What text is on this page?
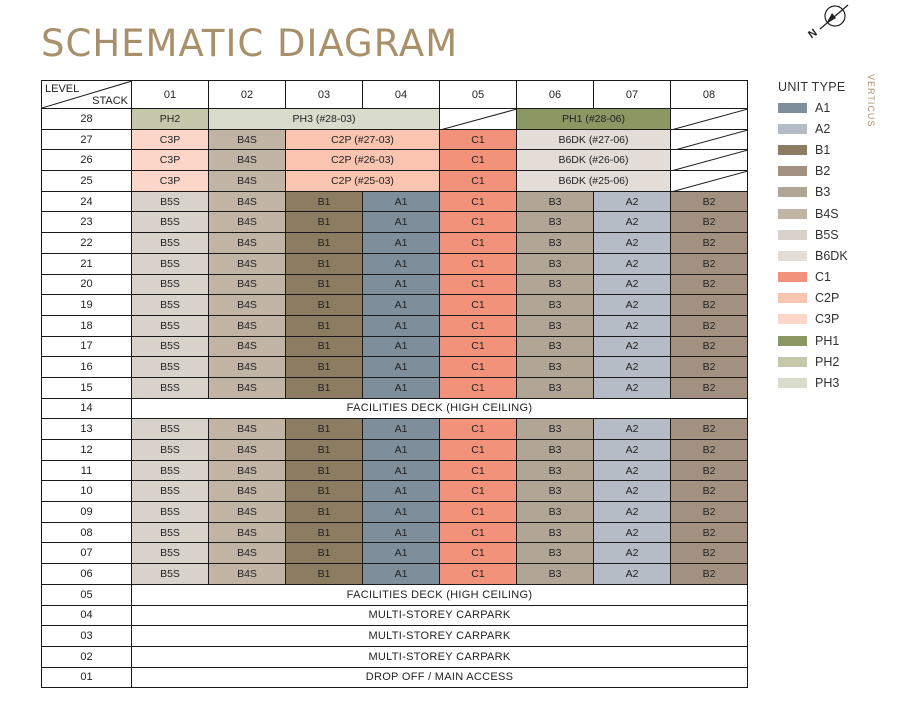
SCHEMATIC DIAGRAM	N
VERTICUS
LEVEL
STACK	01	02	03	04	05	06	07	08
28	PH2	PH3 (#28-03)				PH1 (#28-06)	

27	C3P	B4S	C2P (#27-03)		C1	B6DK (#27-06)	

26	C3P	B4S	C2P (#26-03)		C1	B6DK (#26-06)	

25	C3P	B4S	C2P (#25-03)		C1	B6DK (#25-06)	

24	B5S	B4S	B1	A1	C1	B3	A2	B2
23	B5S	B4S	B1	A1	C1	B3	A2	B2
22	B5S	B4S	B1	A1	C1	B3	A2	B2
21	B5S	B4S	B1	A1	C1	B3	A2	B2
20	B5S	B4S	B1	A1	C1	B3	A2	B2
19	B5S	B4S	B1	A1	C1	B3	A2	B2
18	B5S	B4S	B1	A1	C1	B3	A2	B2
17	B5S	B4S	B1	A1	C1	B3	A2	B2
16	B5S	B4S	B1	A1	C1	B3	A2	B2
15	B5S	B4S	B1	A1	C1	B3	A2	B2
14	FACILITIES DECK (HIGH CEILING)							
13	B5S	B4S	B1	A1	C1	B3	A2	B2
12	B5S	B4S	B1	A1	C1	B3	A2	B2
11	B5S	B4S	B1	A1	C1	B3	A2	B2
10	B5S	B4S	B1	A1	C1	B3	A2	B2
09	B5S	B4S	B1	A1	C1	B3	A2	B2
08	B5S	B4S	B1	A1	C1	B3	A2	B2
07	B5S	B4S	B1	A1	C1	B3	A2	B2
06	B5S	B4S	B1	A1	C1	B3	A2	B2
05	FACILITIES DECK (HIGH CEILING)							
04	MULTI-STOREY CARPARK							
03	MULTI-STOREY CARPARK							
02	MULTI-STOREY CARPARK							
01	DROP OFF / MAIN ACCESS							
UNIT TYPE
A1
A2
B1
B2
B3
B4S
B5S
B6DK
C1
C2P
C3P
PH1
PH2
PH3
